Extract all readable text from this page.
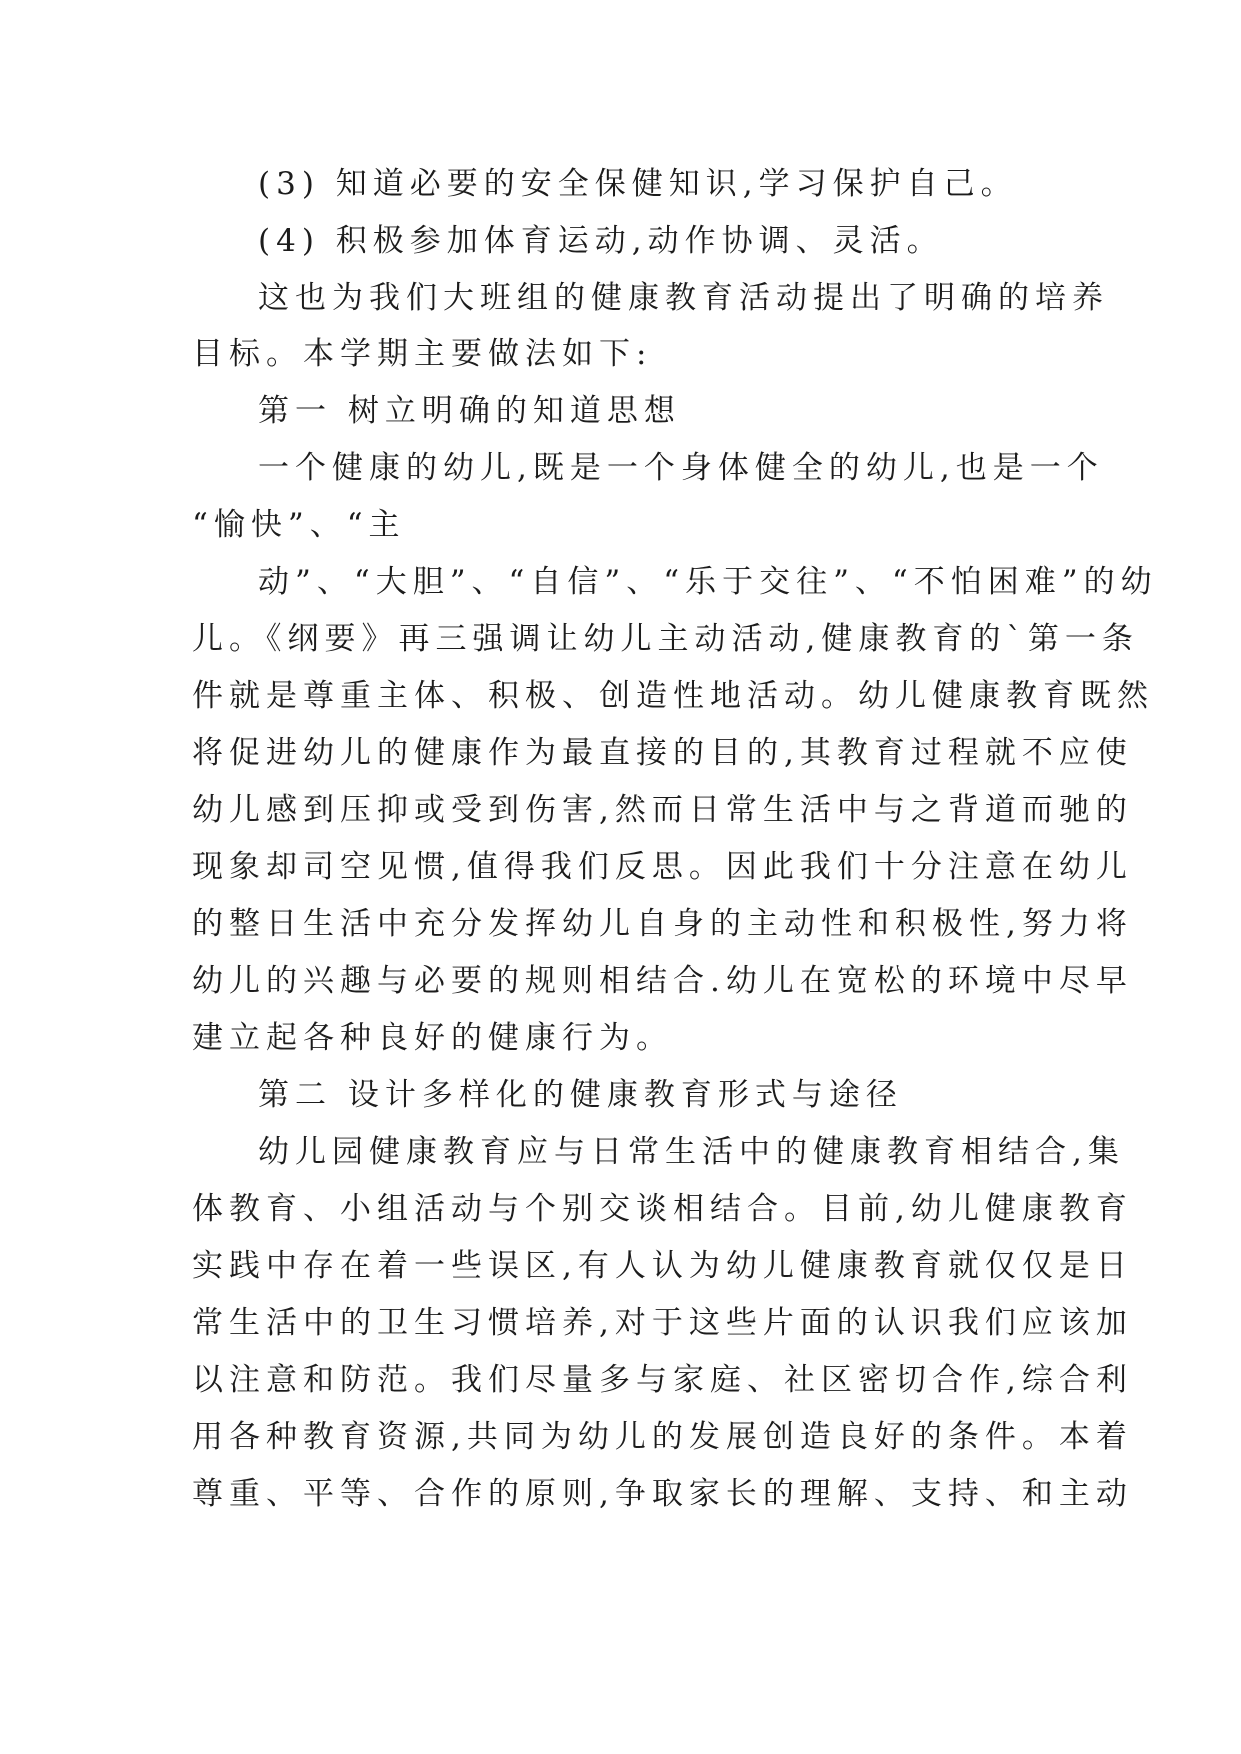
(3) 知道必要的安全保健知识,学习保护自己。
(4) 积极参加体育运动,动作协调、灵活。
这也为我们大班组的健康教育活动提出了明确的培养
目标。本学期主要做法如下:
第一 树立明确的知道思想
一个健康的幼儿,既是一个身体健全的幼儿,也是一个
“愉快”、“主
动”、“大胆”、“自信”、“乐于交往”、“不怕困难”的幼
儿。《纲要》再三强调让幼儿主动活动,健康教育的`第一条
件就是尊重主体、积极、创造性地活动。幼儿健康教育既然
将促进幼儿的健康作为最直接的目的,其教育过程就不应使
幼儿感到压抑或受到伤害,然而日常生活中与之背道而驰的
现象却司空见惯,值得我们反思。因此我们十分注意在幼儿
的整日生活中充分发挥幼儿自身的主动性和积极性,努力将
幼儿的兴趣与必要的规则相结合.幼儿在宽松的环境中尽早
建立起各种良好的健康行为。
第二 设计多样化的健康教育形式与途径
幼儿园健康教育应与日常生活中的健康教育相结合,集
体教育、小组活动与个别交谈相结合。目前,幼儿健康教育
实践中存在着一些误区,有人认为幼儿健康教育就仅仅是日
常生活中的卫生习惯培养,对于这些片面的认识我们应该加
以注意和防范。我们尽量多与家庭、社区密切合作,综合利
用各种教育资源,共同为幼儿的发展创造良好的条件。本着
尊重、平等、合作的原则,争取家长的理解、支持、和主动
